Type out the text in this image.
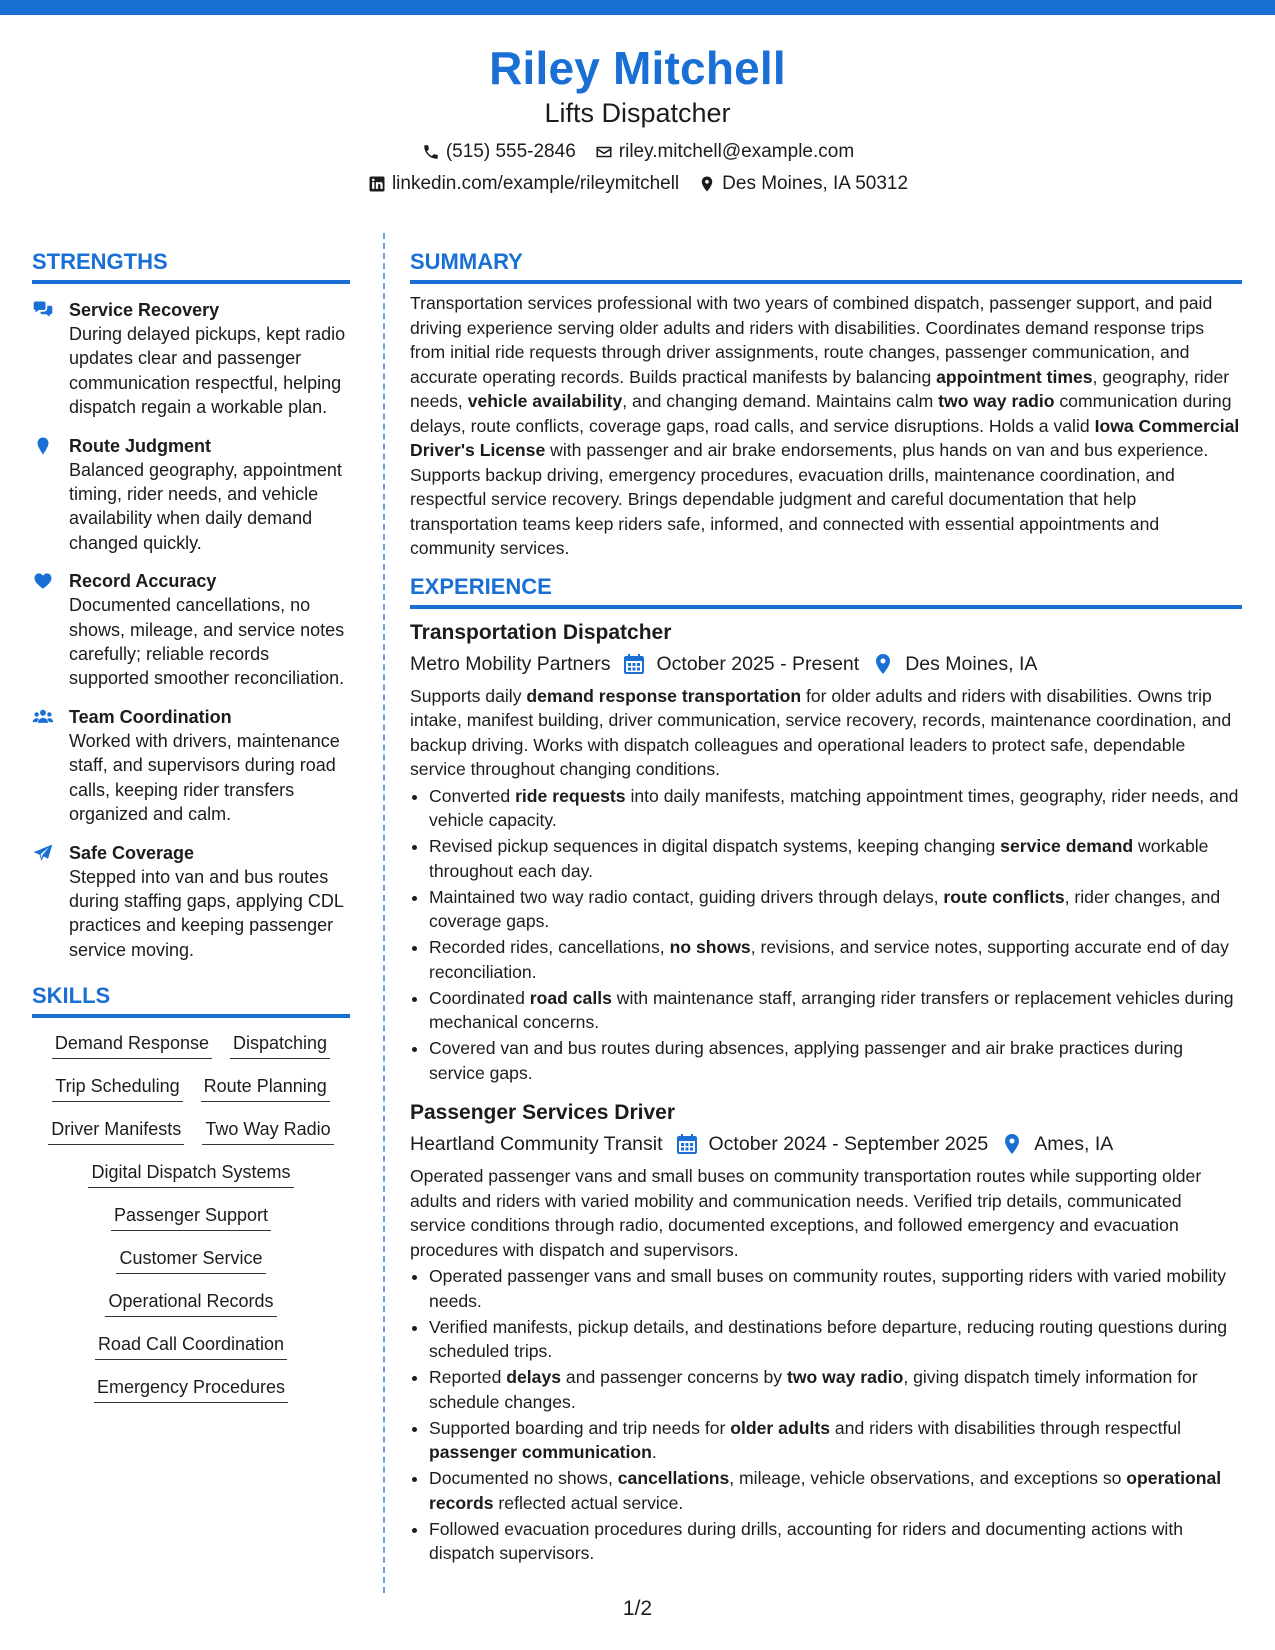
Riley Mitchell
Lifts Dispatcher
(515) 555-2846 riley.mitchell@example.com
linkedin.com/example/rileymitchell Des Moines, IA 50312
STRENGTHS
Service Recovery
During delayed pickups, kept radio updates clear and passenger communication respectful, helping dispatch regain a workable plan.
Route Judgment
Balanced geography, appointment timing, rider needs, and vehicle availability when daily demand changed quickly.
Record Accuracy
Documented cancellations, no shows, mileage, and service notes carefully; reliable records supported smoother reconciliation.
Team Coordination
Worked with drivers, maintenance staff, and supervisors during road calls, keeping rider transfers organized and calm.
Safe Coverage
Stepped into van and bus routes during staffing gaps, applying CDL practices and keeping passenger service moving.
SKILLS
Demand Response Dispatching
Trip Scheduling Route Planning
Driver Manifests Two Way Radio
Digital Dispatch Systems
Passenger Support
Customer Service
Operational Records
Road Call Coordination
Emergency Procedures
SUMMARY

Transportation services professional with two years of combined dispatch, passenger support, and paid driving experience serving older adults and riders with disabilities. Coordinates demand response trips from initial ride requests through driver assignments, route changes, passenger communication, and accurate operating records. Builds practical manifests by balancing appointment times, geography, rider needs, vehicle availability, and changing demand. Maintains calm two way radio communication during delays, route conflicts, coverage gaps, road calls, and service disruptions. Holds a valid Iowa Commercial Driver's License with passenger and air brake endorsements, plus hands on van and bus experience. Supports backup driving, emergency procedures, evacuation drills, maintenance coordination, and respectful service recovery. Brings dependable judgment and careful documentation that help transportation teams keep riders safe, informed, and connected with essential appointments and community services.

EXPERIENCE
Transportation Dispatcher
Metro Mobility Partners October 2025 - Present Des Moines, IA

Supports daily demand response transportation for older adults and riders with disabilities. Owns trip intake, manifest building, driver communication, service recovery, records, maintenance coordination, and backup driving. Works with dispatch colleagues and operational leaders to protect safe, dependable service throughout changing conditions.

• Converted ride requests into daily manifests, matching appointment times, geography, rider needs, and vehicle capacity.
• Revised pickup sequences in digital dispatch systems, keeping changing service demand workable throughout each day.
• Maintained two way radio contact, guiding drivers through delays, route conflicts, rider changes, and coverage gaps.
• Recorded rides, cancellations, no shows, revisions, and service notes, supporting accurate end of day reconciliation.
• Coordinated road calls with maintenance staff, arranging rider transfers or replacement vehicles during mechanical concerns.
• Covered van and bus routes during absences, applying passenger and air brake practices during service gaps.
Passenger Services Driver
Heartland Community Transit October 2024 - September 2025 Ames, IA

Operated passenger vans and small buses on community transportation routes while supporting older adults and riders with varied mobility and communication needs. Verified trip details, communicated service conditions through radio, documented exceptions, and followed emergency and evacuation procedures with dispatch and supervisors.

• Operated passenger vans and small buses on community routes, supporting riders with varied mobility needs.
• Verified manifests, pickup details, and destinations before departure, reducing routing questions during scheduled trips.
• Reported delays and passenger concerns by two way radio, giving dispatch timely information for schedule changes.
• Supported boarding and trip needs for older adults and riders with disabilities through respectful passenger communication.
• Documented no shows, cancellations, mileage, vehicle observations, and exceptions so operational records reflected actual service.
• Followed evacuation procedures during drills, accounting for riders and documenting actions with dispatch supervisors.
1/2
